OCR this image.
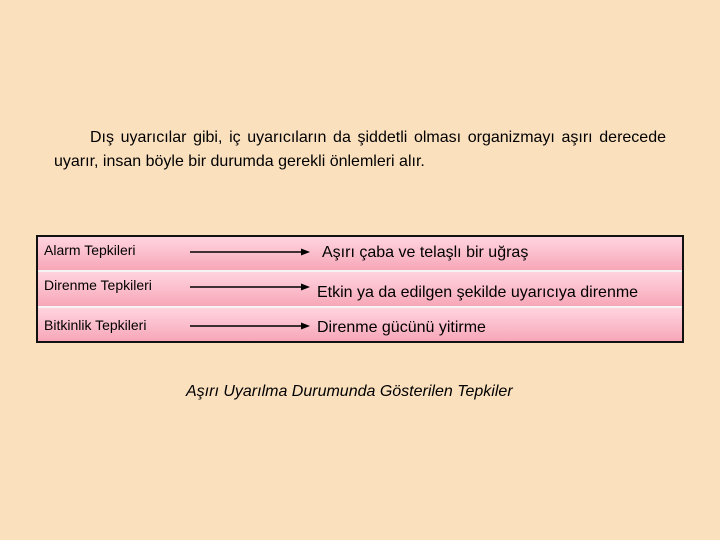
Dış uyarıcılar gibi, iç uyarıcıların da şiddetli olması organizmayı aşırı derecede uyarır, insan böyle bir durumda gerekli önlemleri alır.
Alarm Tepkileri	Aşırı çaba ve telaşlı bir uğraş
Direnme Tepkileri	Etkin ya da edilgen şekilde uyarıcıya direnme
Bitkinlik Tepkileri	Direnme gücünü yitirme
Aşırı Uyarılma Durumunda Gösterilen Tepkiler
